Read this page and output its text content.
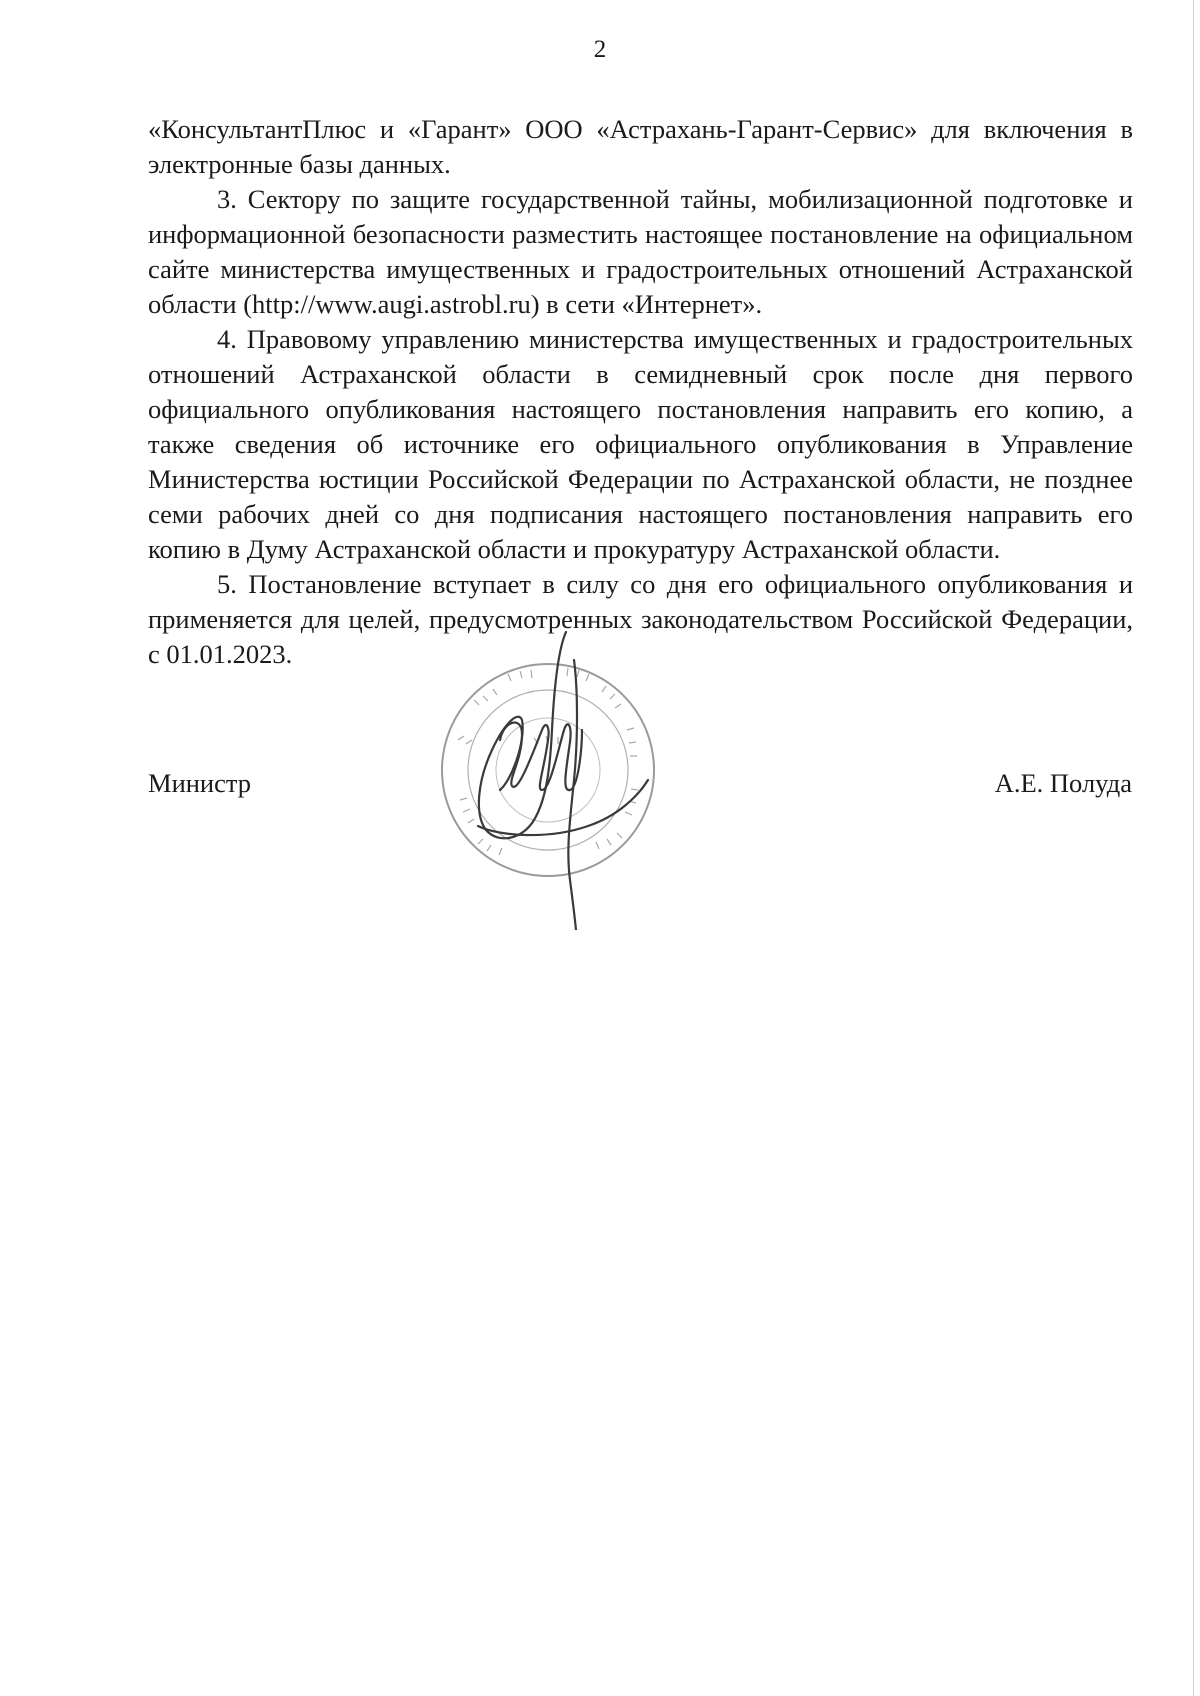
2

«КонсультантПлюс и «Гарант» ООО «Астрахань-Гарант-Сервис» для включения в электронные базы данных.

3. Сектору по защите государственной тайны, мобилизационной подготовке и информационной безопасности разместить настоящее постановление на официальном сайте министерства имущественных и градостроительных отношений Астраханской области (http://www.augi.astrobl.ru) в сети «Интернет».

4. Правовому управлению министерства имущественных и градостроительных отношений Астраханской области в семидневный срок после дня первого официального опубликования настоящего постановления направить его копию, а также сведения об источнике его официального опубликования в Управление Министерства юстиции Российской Федерации по Астраханской области, не позднее семи рабочих дней со дня подписания настоящего постановления направить его копию в Думу Астраханской области и прокуратуру Астраханской области.

5. Постановление вступает в силу со дня его официального опубликования и применяется для целей, предусмотренных законодательством Российской Федерации, с 01.01.2023.

Министр	А.Е. Полуда
